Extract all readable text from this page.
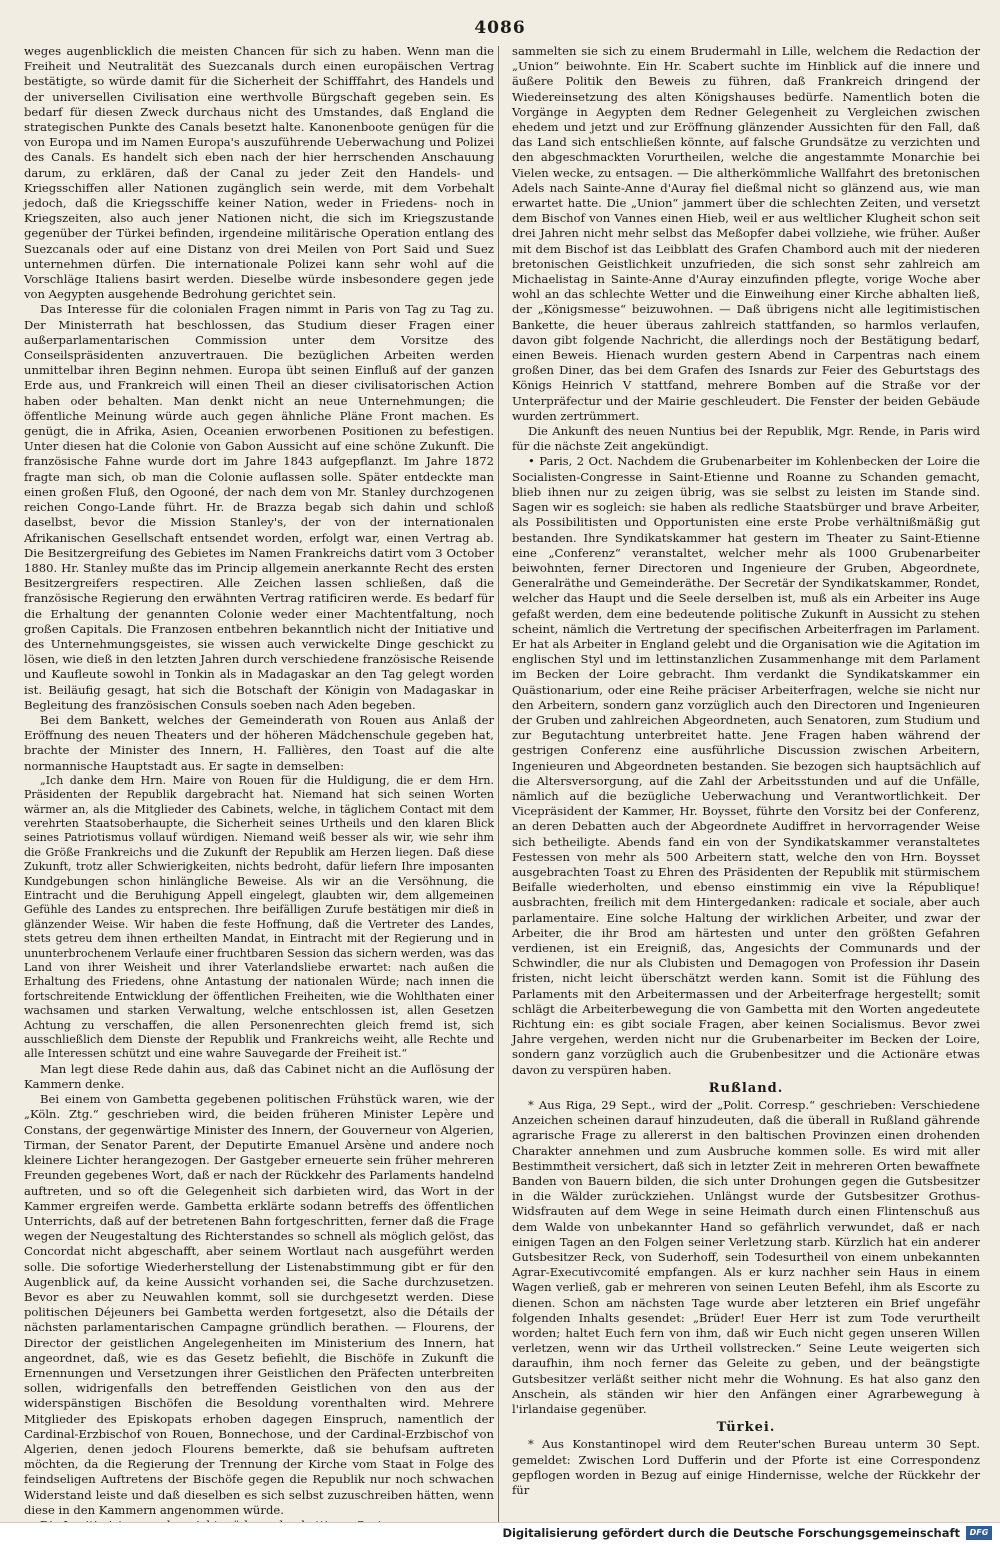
4086

weges augenblicklich die meisten Chancen für sich zu haben. Wenn man die Freiheit und Neutralität des Suezcanals durch einen europäischen Vertrag bestätigte, so würde damit für die Sicherheit der Schifffahrt, des Handels und der universellen Civilisation eine werthvolle Bürgschaft gegeben sein. Es bedarf für diesen Zweck durchaus nicht des Umstandes, daß England die strategischen Punkte des Canals besetzt halte. Kanonenboote genügen für die von Europa und im Namen Europa's auszuführende Ueberwachung und Polizei des Canals. Es handelt sich eben nach der hier herrschenden Anschauung darum, zu erklären, daß der Canal zu jeder Zeit den Handels- und Kriegsschiffen aller Nationen zugänglich sein werde, mit dem Vorbehalt jedoch, daß die Kriegsschiffe keiner Nation, weder in Friedens- noch in Kriegszeiten, also auch jener Nationen nicht, die sich im Kriegszustande gegenüber der Türkei befinden, irgendeine militärische Operation entlang des Suezcanals oder auf eine Distanz von drei Meilen von Port Said und Suez unternehmen dürfen. Die internationale Polizei kann sehr wohl auf die Vorschläge Italiens basirt werden. Dieselbe würde insbesondere gegen jede von Aegypten ausgehende Bedrohung gerichtet sein.

Das Interesse für die colonialen Fragen nimmt in Paris von Tag zu Tag zu. Der Ministerrath hat beschlossen, das Studium dieser Fragen einer außerparlamentarischen Commission unter dem Vorsitze des Conseilspräsidenten anzuvertrauen. Die bezüglichen Arbeiten werden unmittelbar ihren Beginn nehmen. Europa übt seinen Einfluß auf der ganzen Erde aus, und Frankreich will einen Theil an dieser civilisatorischen Action haben oder behalten. Man denkt nicht an neue Unternehmungen; die öffentliche Meinung würde auch gegen ähnliche Pläne Front machen. Es genügt, die in Afrika, Asien, Oceanien erworbenen Positionen zu befestigen. Unter diesen hat die Colonie von Gabon Aussicht auf eine schöne Zukunft. Die französische Fahne wurde dort im Jahre 1843 aufgepflanzt. Im Jahre 1872 fragte man sich, ob man die Colonie auflassen solle. Später entdeckte man einen großen Fluß, den Ogooné, der nach dem von Mr. Stanley durchzogenen reichen Congo-Lande führt. Hr. de Brazza begab sich dahin und schloß daselbst, bevor die Mission Stanley's, der von der internationalen Afrikanischen Gesellschaft entsendet worden, erfolgt war, einen Vertrag ab. Die Besitzergreifung des Gebietes im Namen Frankreichs datirt vom 3 October 1880. Hr. Stanley mußte das im Princip allgemein anerkannte Recht des ersten Besitzergreifers respectiren. Alle Zeichen lassen schließen, daß die französische Regierung den erwähnten Vertrag ratificiren werde. Es bedarf für die Erhaltung der genannten Colonie weder einer Machtentfaltung, noch großen Capitals. Die Franzosen entbehren bekanntlich nicht der Initiative und des Unternehmungsgeistes, sie wissen auch verwickelte Dinge geschickt zu lösen, wie dieß in den letzten Jahren durch verschiedene französische Reisende und Kaufleute sowohl in Tonkin als in Madagaskar an den Tag gelegt worden ist. Beiläufig gesagt, hat sich die Botschaft der Königin von Madagaskar in Begleitung des französischen Consuls soeben nach Aden begeben.

Bei dem Bankett, welches der Gemeinderath von Rouen aus Anlaß der Eröffnung des neuen Theaters und der höheren Mädchenschule gegeben hat, brachte der Minister des Innern, H. Fallières, den Toast auf die alte normannische Hauptstadt aus. Er sagte in demselben:

„Ich danke dem Hrn. Maire von Rouen für die Huldigung, die er dem Hrn. Präsidenten der Republik dargebracht hat. Niemand hat sich seinen Worten wärmer an, als die Mitglieder des Cabinets, welche, in täglichem Contact mit dem verehrten Staatsoberhaupte, die Sicherheit seines Urtheils und den klaren Blick seines Patriotismus vollauf würdigen. Niemand weiß besser als wir, wie sehr ihm die Größe Frankreichs und die Zukunft der Republik am Herzen liegen. Daß diese Zukunft, trotz aller Schwierigkeiten, nichts bedroht, dafür liefern Ihre imposanten Kundgebungen schon hinlängliche Beweise. Als wir an die Versöhnung, die Eintracht und die Beruhigung Appell eingelegt, glaubten wir, dem allgemeinen Gefühle des Landes zu entsprechen. Ihre beifälligen Zurufe bestätigen mir dieß in glänzender Weise. Wir haben die feste Hoffnung, daß die Vertreter des Landes, stets getreu dem ihnen ertheilten Mandat, in Eintracht mit der Regierung und in ununterbrochenem Verlaufe einer fruchtbaren Session das sichern werden, was das Land von ihrer Weisheit und ihrer Vaterlandsliebe erwartet: nach außen die Erhaltung des Friedens, ohne Antastung der nationalen Würde; nach innen die fortschreitende Entwicklung der öffentlichen Freiheiten, wie die Wohlthaten einer wachsamen und starken Verwaltung, welche entschlossen ist, allen Gesetzen Achtung zu verschaffen, die allen Personenrechten gleich fremd ist, sich ausschließlich dem Dienste der Republik und Frankreichs weiht, alle Rechte und alle Interessen schützt und eine wahre Sauvegarde der Freiheit ist.“

Man legt diese Rede dahin aus, daß das Cabinet nicht an die Auflösung der Kammern denke.

Bei einem von Gambetta gegebenen politischen Frühstück waren, wie der „Köln. Ztg.“ geschrieben wird, die beiden früheren Minister Lepère und Constans, der gegenwärtige Minister des Innern, der Gouverneur von Algerien, Tirman, der Senator Parent, der Deputirte Emanuel Arsène und andere noch kleinere Lichter herangezogen. Der Gastgeber erneuerte sein früher mehreren Freunden gegebenes Wort, daß er nach der Rückkehr des Parlaments handelnd auftreten, und so oft die Gelegenheit sich darbieten wird, das Wort in der Kammer ergreifen werde. Gambetta erklärte sodann betreffs des öffentlichen Unterrichts, daß auf der betretenen Bahn fortgeschritten, ferner daß die Frage wegen der Neugestaltung des Richterstandes so schnell als möglich gelöst, das Concordat nicht abgeschafft, aber seinem Wortlaut nach ausgeführt werden solle. Die sofortige Wiederherstellung der Listenabstimmung gibt er für den Augenblick auf, da keine Aussicht vorhanden sei, die Sache durchzusetzen. Bevor es aber zu Neuwahlen kommt, soll sie durchgesetzt werden. Diese politischen Déjeuners bei Gambetta werden fortgesetzt, also die Détails der nächsten parlamentarischen Campagne gründlich berathen. — Flourens, der Director der geistlichen Angelegenheiten im Ministerium des Innern, hat angeordnet, daß, wie es das Gesetz befiehlt, die Bischöfe in Zukunft die Ernennungen und Versetzungen ihrer Geistlichen den Präfecten unterbreiten sollen, widrigenfalls den betreffenden Geistlichen von den aus der widerspänstigen Bischöfen die Besoldung vorenthalten wird. Mehrere Mitglieder des Episkopats erhoben dagegen Einspruch, namentlich der Cardinal-Erzbischof von Rouen, Bonnechose, und der Cardinal-Erzbischof von Algerien, denen jedoch Flourens bemerkte, daß sie behufsam auftreten möchten, da die Regierung der Trennung der Kirche vom Staat in Folge des feindseligen Auftretens der Bischöfe gegen die Republik nur noch schwachen Widerstand leiste und daß dieselben es sich selbst zuzuschreiben hätten, wenn diese in den Kammern angenommen würde.

sammelten sie sich zu einem Brudermahl in Lille, welchem die Redaction der „Union“ beiwohnte. Ein Hr. Scabert suchte im Hinblick auf die innere und äußere Politik den Beweis zu führen, daß Frankreich dringend der Wiedereinsetzung des alten Königshauses bedürfe. Namentlich boten die Vorgänge in Aegypten dem Redner Gelegenheit zu Vergleichen zwischen ehedem und jetzt und zur Eröffnung glänzender Aussichten für den Fall, daß das Land sich entschließen könnte, auf falsche Grundsätze zu verzichten und den abgeschmackten Vorurtheilen, welche die angestammte Monarchie bei Vielen wecke, zu entsagen. — Die altherkömmliche Wallfahrt des bretonischen Adels nach Sainte-Anne d'Auray fiel dießmal nicht so glänzend aus, wie man erwartet hatte. Die „Union“ jammert über die schlechten Zeiten, und versetzt dem Bischof von Vannes einen Hieb, weil er aus weltlicher Klugheit schon seit drei Jahren nicht mehr selbst das Meßopfer dabei vollziehe, wie früher. Außer mit dem Bischof ist das Leibblatt des Grafen Chambord auch mit der niederen bretonischen Geistlichkeit unzufrieden, die sich sonst sehr zahlreich am Michaelistag in Sainte-Anne d'Auray einzufinden pflegte, vorige Woche aber wohl an das schlechte Wetter und die Einweihung einer Kirche abhalten ließ, der „Königsmesse“ beizuwohnen. — Daß übrigens nicht alle legitimistischen Bankette, die heuer überaus zahlreich stattfanden, so harmlos verlaufen, davon gibt folgende Nachricht, die allerdings noch der Bestätigung bedarf, einen Beweis. Hienach wurden gestern Abend in Carpentras nach einem großen Diner, das bei dem Grafen des Isnards zur Feier des Geburtstags des Königs Heinrich V stattfand, mehrere Bomben auf die Straße vor der Unterpräfectur und der Mairie geschleudert. Die Fenster der beiden Gebäude wurden zertrümmert.

Die Ankunft des neuen Nuntius bei der Republik, Mgr. Rende, in Paris wird für die nächste Zeit angekündigt.

• Paris, 2 Oct. Nachdem die Grubenarbeiter im Kohlenbecken der Loire die Socialisten-Congresse in Saint-Etienne und Roanne zu Schanden gemacht, blieb ihnen nur zu zeigen übrig, was sie selbst zu leisten im Stande sind. Sagen wir es sogleich: sie haben als redliche Staatsbürger und brave Arbeiter, als Possibilitisten und Opportunisten eine erste Probe verhältnißmäßig gut bestanden. Ihre Syndikatskammer hat gestern im Theater zu Saint-Etienne eine „Conferenz“ veranstaltet, welcher mehr als 1000 Grubenarbeiter beiwohnten, ferner Directoren und Ingenieure der Gruben, Abgeordnete, Generalräthe und Gemeinderäthe. Der Secretär der Syndikatskammer, Rondet, welcher das Haupt und die Seele derselben ist, muß als ein Arbeiter ins Auge gefaßt werden, dem eine bedeutende politische Zukunft in Aussicht zu stehen scheint, nämlich die Vertretung der specifischen Arbeiterfragen im Parlament. Er hat als Arbeiter in England gelebt und die Organisation wie die Agitation im englischen Styl und im lettinstanzlichen Zusammenhange mit dem Parlament im Becken der Loire gebracht. Ihm verdankt die Syndikatskammer ein Quästionarium, oder eine Reihe präciser Arbeiterfragen, welche sie nicht nur den Arbeitern, sondern ganz vorzüglich auch den Directoren und Ingenieuren der Gruben und zahlreichen Abgeordneten, auch Senatoren, zum Studium und zur Begutachtung unterbreitet hatte. Jene Fragen haben während der gestrigen Conferenz eine ausführliche Discussion zwischen Arbeitern, Ingenieuren und Abgeordneten bestanden. Sie bezogen sich hauptsächlich auf die Altersversorgung, auf die Zahl der Arbeitsstunden und auf die Unfälle, nämlich auf die bezügliche Ueberwachung und Verantwortlichkeit. Der Vicepräsident der Kammer, Hr. Boysset, führte den Vorsitz bei der Conferenz, an deren Debatten auch der Abgeordnete Audiffret in hervorragender Weise sich betheiligte. Abends fand ein von der Syndikatskammer veranstaltetes Festessen von mehr als 500 Arbeitern statt, welche den von Hrn. Boysset ausgebrachten Toast zu Ehren des Präsidenten der Republik mit stürmischem Beifalle wiederholten, und ebenso einstimmig ein vive la République! ausbrachten, freilich mit dem Hintergedanken: radicale et sociale, aber auch parlamentaire. Eine solche Haltung der wirklichen Arbeiter, und zwar der Arbeiter, die ihr Brod am härtesten und unter den größten Gefahren verdienen, ist ein Ereigniß, das, Angesichts der Communards und der Schwindler, die nur als Clubisten und Demagogen von Profession ihr Dasein fristen, nicht leicht überschätzt werden kann. Somit ist die Fühlung des Parlaments mit den Arbeitermassen und der Arbeiterfrage hergestellt; somit schlägt die Arbeiterbewegung die von Gambetta mit den Worten angedeutete Richtung ein: es gibt sociale Fragen, aber keinen Socialismus. Bevor zwei Jahre vergehen, werden nicht nur die Grubenarbeiter im Becken der Loire, sondern ganz vorzüglich auch die Grubenbesitzer und die Actionäre etwas davon zu verspüren haben.

Rußland.

* Aus Riga, 29 Sept., wird der „Polit. Corresp.“ geschrieben: Verschiedene Anzeichen scheinen darauf hinzudeuten, daß die überall in Rußland gährende agrarische Frage zu allererst in den baltischen Provinzen einen drohenden Charakter annehmen und zum Ausbruche kommen solle. Es wird mit aller Bestimmtheit versichert, daß sich in letzter Zeit in mehreren Orten bewaffnete Banden von Bauern bilden, die sich unter Drohungen gegen die Gutsbesitzer in die Wälder zurückziehen. Unlängst wurde der Gutsbesitzer Grothus-Widsfrauten auf dem Wege in seine Heimath durch einen Flintenschuß aus dem Walde von unbekannter Hand so gefährlich verwundet, daß er nach einigen Tagen an den Folgen seiner Verletzung starb. Kürzlich hat ein anderer Gutsbesitzer Reck, von Suderhoff, sein Todesurtheil von einem unbekannten Agrar-Executivcomité empfangen. Als er kurz nachher sein Haus in einem Wagen verließ, gab er mehreren von seinen Leuten Befehl, ihm als Escorte zu dienen. Schon am nächsten Tage wurde aber letzteren ein Brief ungefähr folgenden Inhalts gesendet: „Brüder! Euer Herr ist zum Tode verurtheilt worden; haltet Euch fern von ihm, daß wir Euch nicht gegen unseren Willen verletzen, wenn wir das Urtheil vollstrecken.“ Seine Leute weigerten sich daraufhin, ihm noch ferner das Geleite zu geben, und der beängstigte Gutsbesitzer verläßt seither nicht mehr die Wohnung. Es hat also ganz den Anschein, als ständen wir hier den Anfängen einer Agrarbewegung à l'irlandaise gegenüber.

Türkei.

* Aus Konstantinopel wird dem Reuter'schen Bureau unterm 30 Sept. gemeldet: Zwischen Lord Dufferin und der Pforte ist eine Correspondenz gepflogen worden in Bezug auf einige Hindernisse, welche der Rückkehr der für

Digitalisierung gefördert durch die Deutsche Forschungsgemeinschaft	DFG
